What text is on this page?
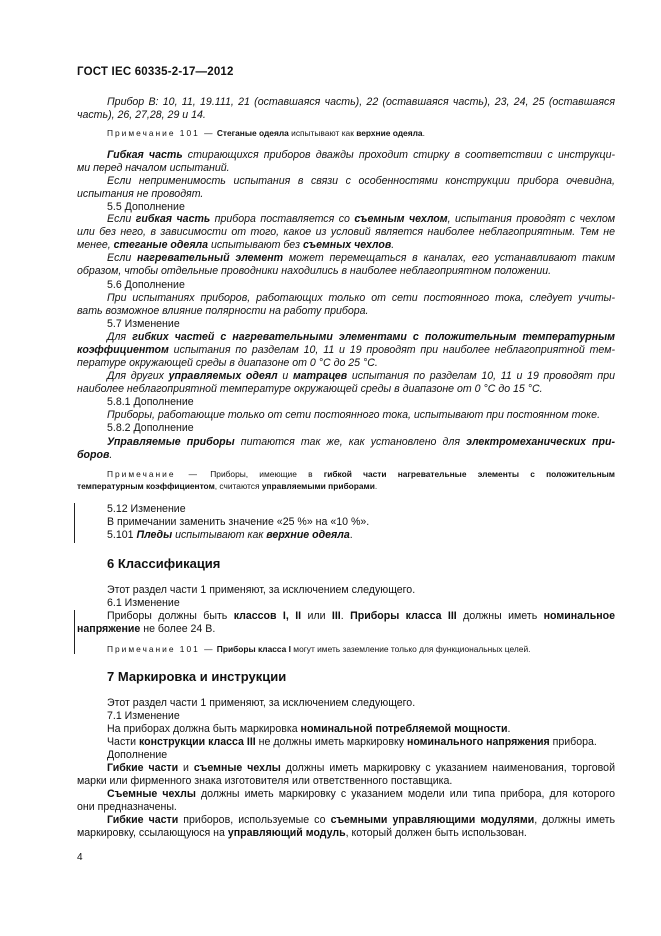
ГОСТ IEC 60335-2-17—2012
Прибор В: 10, 11, 19.111, 21 (оставшаяся часть), 22 (оставшаяся часть), 23, 24, 25 (оставшаяся
часть), 26, 27,28, 29 и 14.
Примечание 101 — Стеганые одеяла испытывают как верхние одеяла.
Гибкая часть стирающихся приборов дважды проходит стирку в соответствии с инструкци-
ми перед началом испытаний.
Если неприменимость испытания в связи с особенностями конструкции прибора очевидна,
испытания не проводят.
5.5 Дополнение
Если гибкая часть прибора поставляется со съемным чехлом, испытания проводят с чехлом
или без него, в зависимости от того, какое из условий является наиболее неблагоприятным. Тем не
менее, стеганые одеяла испытывают без съемных чехлов.
Если нагревательный элемент может перемещаться в каналах, его устанавливают таким
образом, чтобы отдельные проводники находились в наиболее неблагоприятном положении.
5.6 Дополнение
При испытаниях приборов, работающих только от сети постоянного тока, следует учиты-
вать возможное влияние полярности на работу прибора.
5.7 Изменение
Для гибких частей с нагревательными элементами с положительным температурным
коэффициентом испытания по разделам 10, 11 и 19 проводят при наиболее неблагоприятной тем-
пературе окружающей среды в диапазоне от 0 °С до 25 °С.
Для других управляемых одеял и матрацев испытания по разделам 10, 11 и 19 проводят при
наиболее неблагоприятной температуре окружающей среды в диапазоне от 0 °С до 15 °С.
5.8.1 Дополнение
Приборы, работающие только от сети постоянного тока, испытывают при постоянном токе.
5.8.2 Дополнение
Управляемые приборы питаются так же, как установлено для электромеханических при-
боров.
Примечание — Приборы, имеющие в гибкой части нагревательные элементы с положительным
температурным коэффициентом, считаются управляемыми приборами.
5.12 Изменение
В примечании заменить значение «25 %» на «10 %».
5.101 Пледы испытывают как верхние одеяла.
6 Классификация
Этот раздел части 1 применяют, за исключением следующего.
6.1 Изменение
Приборы должны быть классов I, II или III. Приборы класса III должны иметь номинальное
напряжение не более 24 В.
Примечание 101 — Приборы класса I могут иметь заземление только для функциональных целей.
7 Маркировка и инструкции
Этот раздел части 1 применяют, за исключением следующего.
7.1 Изменение
На приборах должна быть маркировка номинальной потребляемой мощности.
Части конструкции класса III не должны иметь маркировку номинального напряжения прибора.
Дополнение
Гибкие части и съемные чехлы должны иметь маркировку с указанием наименования, торговой
марки или фирменного знака изготовителя или ответственного поставщика.
Съемные чехлы должны иметь маркировку с указанием модели или типа прибора, для которого
они предназначены.
Гибкие части приборов, используемые со съемными управляющими модулями, должны иметь
маркировку, ссылающуюся на управляющий модуль, который должен быть использован.
4
